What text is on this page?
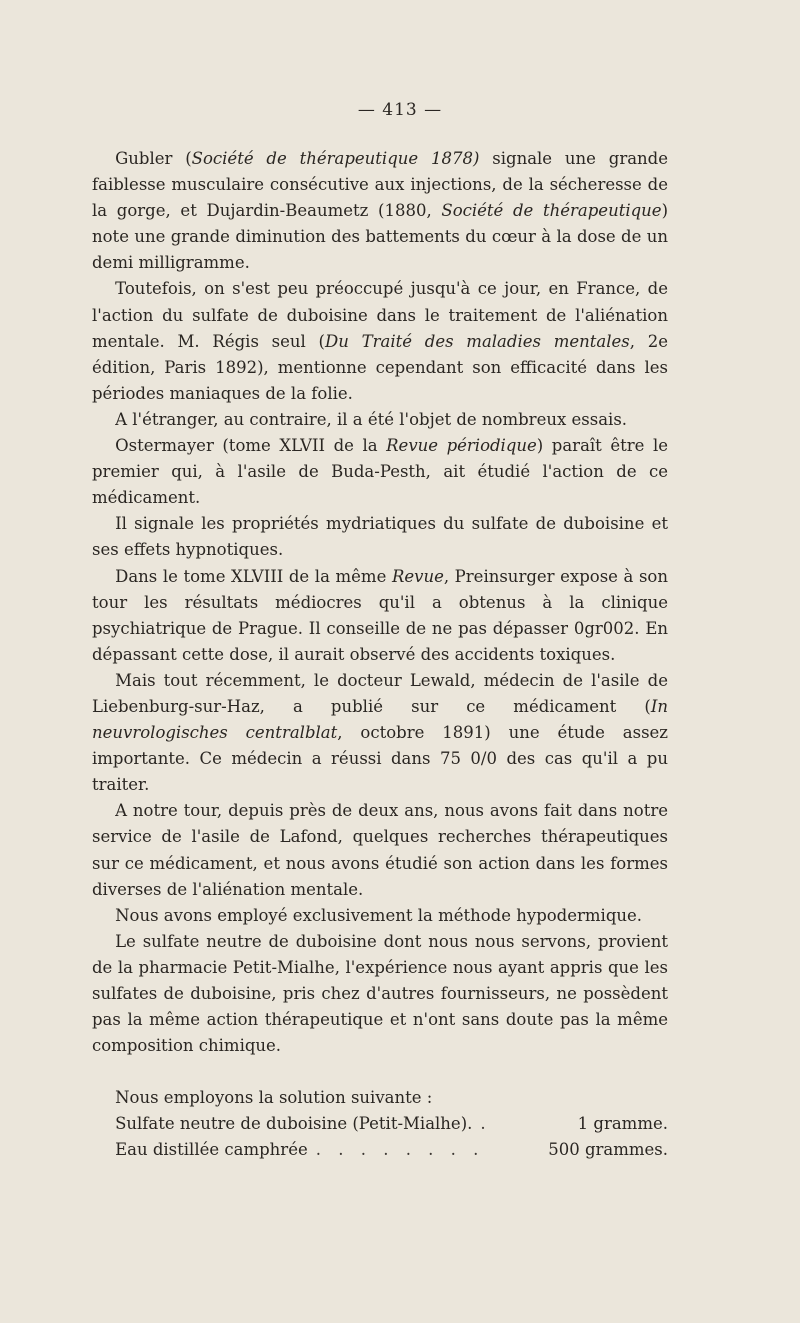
— 413 —

Gubler (Société de thérapeutique 1878) signale une grande faiblesse musculaire consécutive aux injections, de la sécheresse de la gorge, et Dujardin-Beaumetz (1880, Société de thérapeutique) note une grande diminution des battements du cœur à la dose de un demi milligramme.

Toutefois, on s'est peu préoccupé jusqu'à ce jour, en France, de l'action du sulfate de duboisine dans le traitement de l'aliénation mentale. M. Régis seul (Du Traité des maladies mentales, 2e édition, Paris 1892), mentionne cependant son efficacité dans les périodes maniaques de la folie.

A l'étranger, au contraire, il a été l'objet de nombreux essais.

Ostermayer (tome XLVII de la Revue périodique) paraît être le premier qui, à l'asile de Buda-Pesth, ait étudié l'action de ce médicament.

Il signale les propriétés mydriatiques du sulfate de duboisine et ses effets hypnotiques.

Dans le tome XLVIII de la même Revue, Preinsurger expose à son tour les résultats médiocres qu'il a obtenus à la clinique psychiatrique de Prague. Il conseille de ne pas dépasser 0gr002. En dépassant cette dose, il aurait observé des accidents toxiques.

Mais tout récemment, le docteur Lewald, médecin de l'asile de Liebenburg-sur-Haz, a publié sur ce médicament (In neuvrologisches centralblat, octobre 1891) une étude assez importante. Ce médecin a réussi dans 75 0/0 des cas qu'il a pu traiter.

A notre tour, depuis près de deux ans, nous avons fait dans notre service de l'asile de Lafond, quelques recherches thérapeutiques sur ce médicament, et nous avons étudié son action dans les formes diverses de l'aliénation mentale.

Nous avons employé exclusivement la méthode hypodermique.

Le sulfate neutre de duboisine dont nous nous servons, provient de la pharmacie Petit-Mialhe, l'expérience nous ayant appris que les sulfates de duboisine, pris chez d'autres fournisseurs, ne possèdent pas la même action thérapeutique et n'ont sans doute pas la même composition chimique.

Nous employons la solution suivante :

Sulfate neutre de duboisine (Petit-Mialhe). .	1 gramme.

Eau distillée camphrée . . . . . . . .	500 grammes.
